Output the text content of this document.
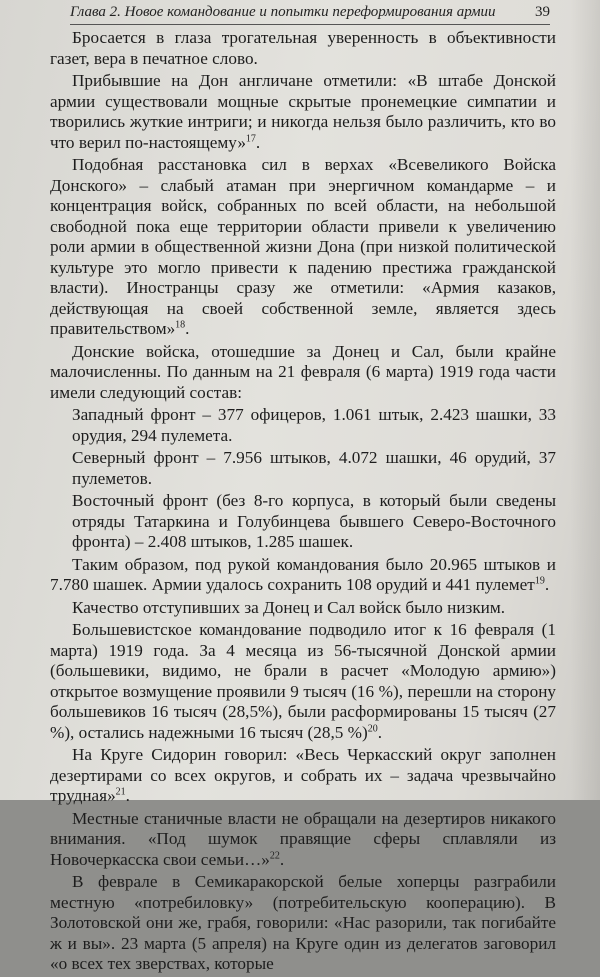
Глава 2. Новое командование и попытки переформирования армии	39

Бросается в глаза трогательная уверенность в объективности газет, вера в печатное слово.

Прибывшие на Дон англичане отметили: «В штабе Донской армии существовали мощные скрытые пронемецкие симпатии и творились жуткие интриги; и никогда нельзя было различить, кто во что верил по-настоящему»$^{17}$.

Подобная расстановка сил в верхах «Всевеликого Войска Донского» – слабый атаман при энергичном командарме – и концентрация войск, собранных по всей области, на небольшой свободной пока еще территории области привели к увеличению роли армии в общественной жизни Дона (при низкой политической культуре это могло привести к падению престижа гражданской власти). Иностранцы сразу же отметили: «Армия казаков, действующая на своей собственной земле, является здесь правительством»$^{18}$.

Донские войска, отошедшие за Донец и Сал, были крайне малочисленны. По данным на 21 февраля (6 марта) 1919 года части имели следующий состав:

Западный фронт – 377 офицеров, 1.061 штык, 2.423 шашки, 33 орудия, 294 пулемета.

Северный фронт – 7.956 штыков, 4.072 шашки, 46 орудий, 37 пулеметов.

Восточный фронт (без 8-го корпуса, в который были сведены отряды Татаркина и Голубинцева бывшего Северо-Восточного фронта) – 2.408 штыков, 1.285 шашек.

Таким образом, под рукой командования было 20.965 штыков и 7.780 шашек. Армии удалось сохранить 108 орудий и 441 пулемет$^{19}$.

Качество отступивших за Донец и Сал войск было низким.

Большевистское командование подводило итог к 16 февраля (1 марта) 1919 года. За 4 месяца из 56-тысячной Донской армии (большевики, видимо, не брали в расчет «Молодую армию») открытое возмущение проявили 9 тысяч (16 %), перешли на сторону большевиков 16 тысяч (28,5%), были расформированы 15 тысяч (27 %), остались надежными 16 тысяч (28,5 %)$^{20}$.

На Круге Сидорин говорил: «Весь Черкасский округ заполнен дезертирами со всех округов, и собрать их – задача чрезвычайно трудная»$^{21}$.

Местные станичные власти не обращали на дезертиров никакого внимания. «Под шумок правящие сферы сплавляли из Новочеркасска свои семьи…»$^{22}$.

В феврале в Семикаракорской белые хоперцы разграбили местную «потребиловку» (потребительскую кооперацию). В Золотовской они же, грабя, говорили: «Нас разорили, так погибайте ж и вы». 23 марта (5 апреля) на Круге один из делегатов заговорил «о всех тех зверствах, которые
